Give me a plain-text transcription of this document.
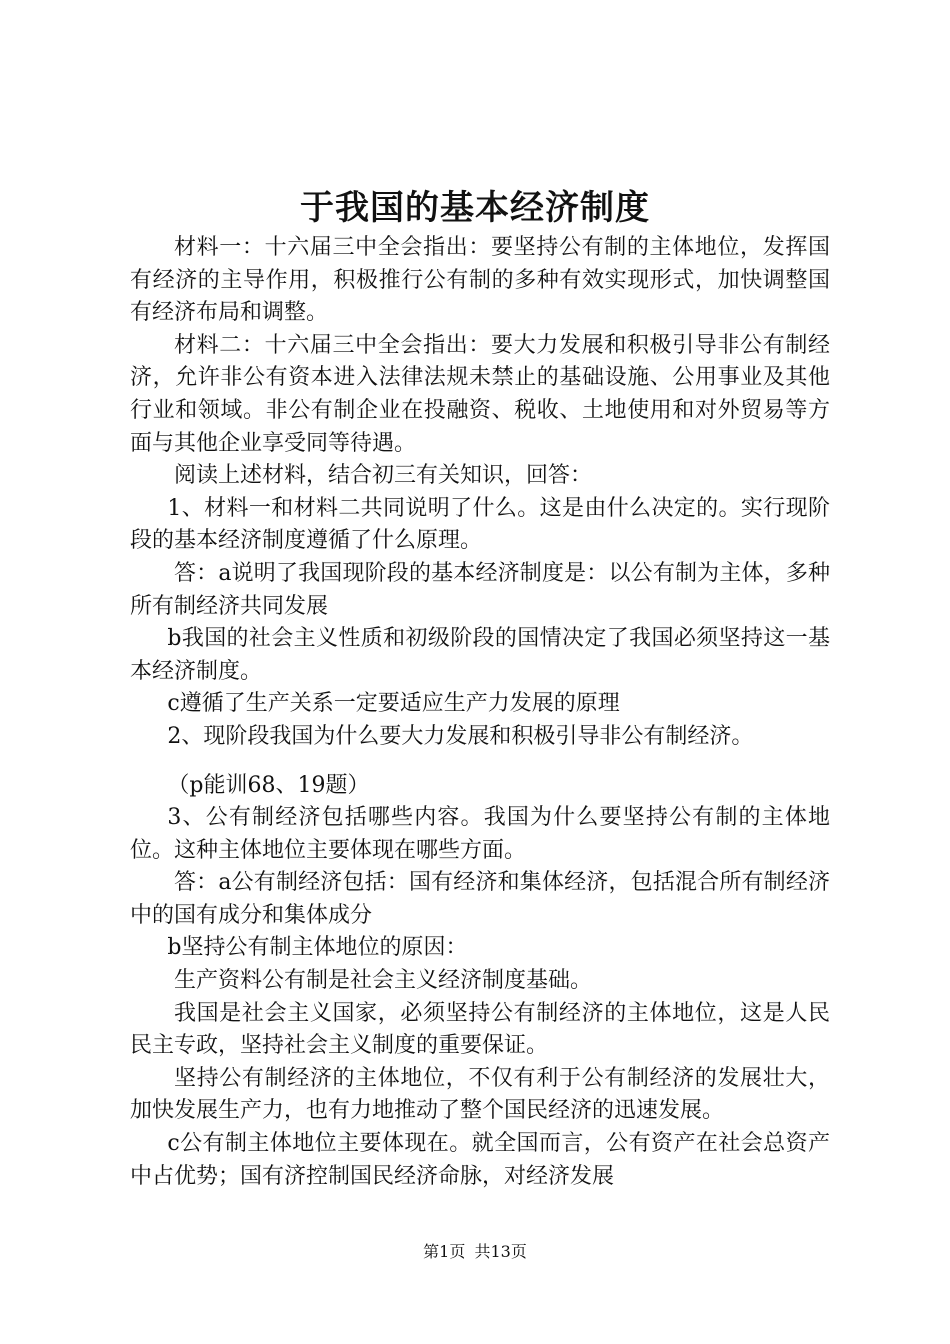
于我国的基本经济制度

材料一：十六届三中全会指出：要坚持公有制的主体地位，发挥国有经济的主导作用，积极推行公有制的多种有效实现形式，加快调整国有经济布局和调整。

材料二：十六届三中全会指出：要大力发展和积极引导非公有制经济，允许非公有资本进入法律法规未禁止的基础设施、公用事业及其他行业和领域。非公有制企业在投融资、税收、土地使用和对外贸易等方面与其他企业享受同等待遇。

阅读上述材料，结合初三有关知识，回答：

1、材料一和材料二共同说明了什么。这是由什么决定的。实行现阶段的基本经济制度遵循了什么原理。

答：a说明了我国现阶段的基本经济制度是：以公有制为主体，多种所有制经济共同发展

b我国的社会主义性质和初级阶段的国情决定了我国必须坚持这一基本经济制度。

c遵循了生产关系一定要适应生产力发展的原理

2、现阶段我国为什么要大力发展和积极引导非公有制经济。

（p能训68、19题）

3、公有制经济包括哪些内容。我国为什么要坚持公有制的主体地位。这种主体地位主要体现在哪些方面。

答：a公有制经济包括：国有经济和集体经济，包括混合所有制经济中的国有成分和集体成分

b坚持公有制主体地位的原因：

生产资料公有制是社会主义经济制度基础。

我国是社会主义国家，必须坚持公有制经济的主体地位，这是人民民主专政，坚持社会主义制度的重要保证。

坚持公有制经济的主体地位，不仅有利于公有制经济的发展壮大，加快发展生产力，也有力地推动了整个国民经济的迅速发展。

c公有制主体地位主要体现在。就全国而言，公有资产在社会总资产中占优势；国有济控制国民经济命脉，对经济发展

第1页 共13页
